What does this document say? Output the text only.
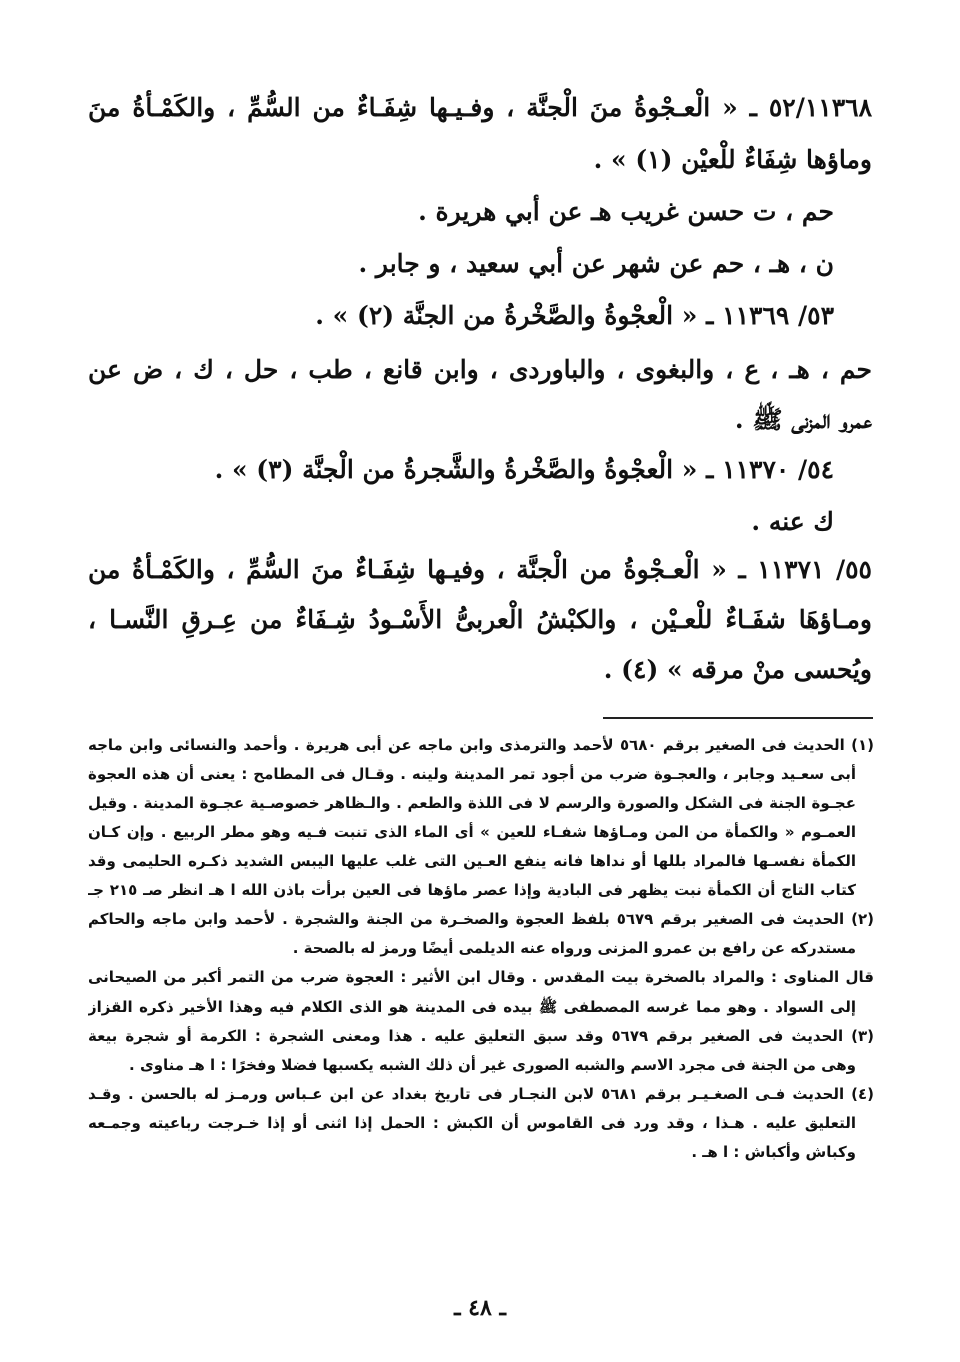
٥٢/١١٣٦٨ ـ « الْعـجْوةُ منَ الْجنَّة ، وفـيـها شِفَـاءٌ من السُّمِّ ، والكَمْـأةُ منَ
وماؤها شِفَاءٌ للْعيْن (١) » .
حم ، ت حسن غريب هـ عن أبي هريرة .
ن ، هـ ، حم عن شهر عن أبي سعيد ، و جابر .
٥٣/ ١١٣٦٩ ـ « الْعجْوةُ والصَّخْرةُ من الجنَّة (٢) » .
حم ، هـ ، ع ، والبغوى ، والباوردى ، وابن قانع ، طب ، حل ، ك ، ض عن
عمرو المزنى ﷺ .
٥٤/ ١١٣٧٠ ـ « الْعجْوةُ والصَّخْرةُ والشَّجرةُ من الْجنَّة (٣) » .
ك عنه .
٥٥/ ١١٣٧١ ـ « الْعـجْوةُ من الْجنَّة ، وفيـها شِفَـاءٌ منَ السُّمِّ ، والكَمْـأةُ من
ومـاؤهَا شفَـاءٌ للْعـيْن ، والكبْشُ الْعربىُّ الأَسْـودُ شِـفَاءٌ من عِـرقِ النَّسـا ،
ويُحسى منْ مرقه » (٤) .
(١) الحديث فى الصغير برقم ٥٦٨٠ لأحمد والترمذى وابن ماجه عن أبى هريرة . وأحمد والنسائى وابن ماجه
أبى سعـيد وجابر ، والعجـوة ضرب من أجود تمر المدينة ولينه . وقـال فى المطامح : يعنى أن هذه العجوة
عجـوة الجنة فى الشكل والصورة والرسم لا فى اللذة والطعم . والـظاهر خصوصـية عجـوة المدينة . وقيل
العمـوم « والكمأة من المن ومـاؤها شفـاء للعين » أى الماء الذى تنبت فـيه وهو مطر الربيع . وإن كـان
الكمأة نفسـها فالمراد بللها أو نداها فانه ينفع العـين التى غلب عليها اليبس الشديد ذكـره الحليمى وقد
كتاب التاج أن الكمأة نبت يظهر فى البادية وإذا عصر ماؤها فى العين برأت باذن الله ا هـ انظر صـ ٢١٥ جـ
(٢) الحديث فى الصغير برقم ٥٦٧٩ بلفظ العجوة والصخـرة من الجنة والشجرة . لأحمد وابن ماجه والحاكم
مستدركه عن رافع بن عمرو المزنى ورواه عنه الديلمى أيضًا ورمز له بالصحة .
قال المناوى : والمراد بالصخرة بيت المقدس . وقال ابن الأثير : العجوة ضرب من التمر أكبر من الصيحانى
إلى السواد . وهو مما غرسه المصطفى ﷺ بيده فى المدينة هو الذى الكلام فيه وهذا الأخير ذكره القزاز
(٣) الحديث فى الصغير برقم ٥٦٧٩ وقد سبق التعليق عليه . هذا ومعنى الشجرة : الكرمة أو شجرة بيعة
وهى من الجنة فى مجرد الاسم والشبه الصورى غير أن ذلك الشبه يكسبها فضلا وفخرًا : ا هـ مناوى .
(٤) الحديث فـى الصغـيـر برقم ٥٦٨١ لابن النجـار فى تاريخ بغداد عن ابن عـباس ورمـز له بالحسن . وقـد
التعليق عليه . هـذا ، وقد ورد فى القاموس أن الكبش : الحمل إذا اثنى أو إذا خـرجت رباعيته وجمـعه
وكباش وأكباش : ا هـ .
ـ ٤٨ ـ
